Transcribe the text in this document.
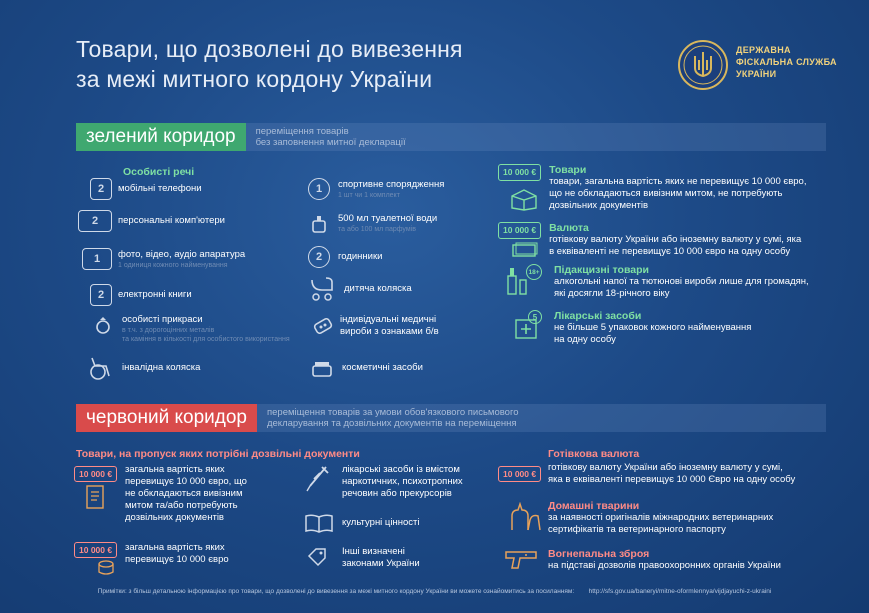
Товари, що дозволені до вивезення
за межі митного кордону України
ДЕРЖАВНА
ФІСКАЛЬНА СЛУЖБА
УКРАЇНИ
зелений коридор	переміщення товарів
без заповнення митної декларації
Особисті речі
2	мобільні телефони
2	персональні комп'ютери
1	фото, відео, аудіо апаратура
1 одиниця кожного найменування
2	електронні книги
особисті прикраси
в т.ч. з дорогоцінних металів
та каміння в кількості для особистого використання
інвалідна коляска
1	спортивне спорядження
1 шт чи 1 комплект
500 мл туалетної води
та або 100 мл парфумів
2	годинники
дитяча коляска
індивідуальні медичні
вироби з ознаками б/в
косметичні засоби
10 000 €	Товари
товари, загальна вартість яких не перевищує 10 000 євро,
що не обкладаються вивізним митом, не потребують
дозвільних документів
10 000 €	Валюта
готівкову валюту України або іноземну валюту у сумі, яка
в еквіваленті не перевищує 10 000 євро на одну особу
18+ Підакцизні товари
алкогольні напої та тютюнові вироби лише для громадян,
які досягли 18-річного віку
5	Лікарські засоби
не більше 5 упаковок кожного найменування
на одну особу
червоний коридор	переміщення товарів за умови обов'язкового письмового
декларування та дозвільних документів на переміщення
Товари, на пропуск яких потрібні дозвільні документи
10 000 €	загальна вартість яких
перевищує 10 000 євро, що
не обкладаються вивізним
митом та/або потребують
дозвільних документів
10 000 €	загальна вартість яких
перевищує 10 000 євро
лікарські засоби із вмістом
наркотичних, психотропних
речовин або прекурсорів
культурні цінності
Інші визначені
законами України
Готівкова валюта
10 000 €
готівкову валюту України або іноземну валюту у сумі,
яка в еквіваленті перевищує 10 000 Євро на одну особу
Домашні тварини
за наявності оригіналів міжнародних ветеринарних
сертифікатів та ветеринарного паспорту
Вогнепальна зброя
на підставі дозволів правоохоронних органів України
Примітки: з більш детальною інформацією про товари, що дозволені до вивезення за межі митного кордону України ви можете ознайомитись за посиланням: http://sfs.gov.ua/baneryi/mitne-oformlennya/vijdjayuchi-z-ukraini
